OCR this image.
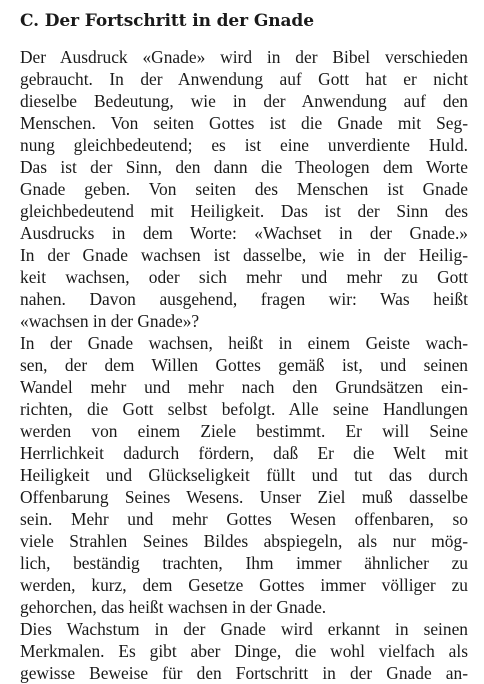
C. Der Fortschritt in der Gnade
Der Ausdruck «Gnade» wird in der Bibel verschieden
gebraucht. In der Anwendung auf Gott hat er nicht
dieselbe Bedeutung, wie in der Anwendung auf den
Menschen. Von seiten Gottes ist die Gnade mit Seg-
nung gleichbedeutend; es ist eine unverdiente Huld.
Das ist der Sinn, den dann die Theologen dem Worte
Gnade geben. Von seiten des Menschen ist Gnade
gleichbedeutend mit Heiligkeit. Das ist der Sinn des
Ausdrucks in dem Worte: «Wachset in der Gnade.»
In der Gnade wachsen ist dasselbe, wie in der Heilig-
keit wachsen, oder sich mehr und mehr zu Gott
nahen. Davon ausgehend, fragen wir: Was heißt
«wachsen in der Gnade»?
In der Gnade wachsen, heißt in einem Geiste wach-
sen, der dem Willen Gottes gemäß ist, und seinen
Wandel mehr und mehr nach den Grundsätzen ein-
richten, die Gott selbst befolgt. Alle seine Handlungen
werden von einem Ziele bestimmt. Er will Seine
Herrlichkeit dadurch fördern, daß Er die Welt mit
Heiligkeit und Glückseligkeit füllt und tut das durch
Offenbarung Seines Wesens. Unser Ziel muß dasselbe
sein. Mehr und mehr Gottes Wesen offenbaren, so
viele Strahlen Seines Bildes abspiegeln, als nur mög-
lich, beständig trachten, Ihm immer ähnlicher zu
werden, kurz, dem Gesetze Gottes immer völliger zu
gehorchen, das heißt wachsen in der Gnade.
Dies Wachstum in der Gnade wird erkannt in seinen
Merkmalen. Es gibt aber Dinge, die wohl vielfach als
gewisse Beweise für den Fortschritt in der Gnade an-
